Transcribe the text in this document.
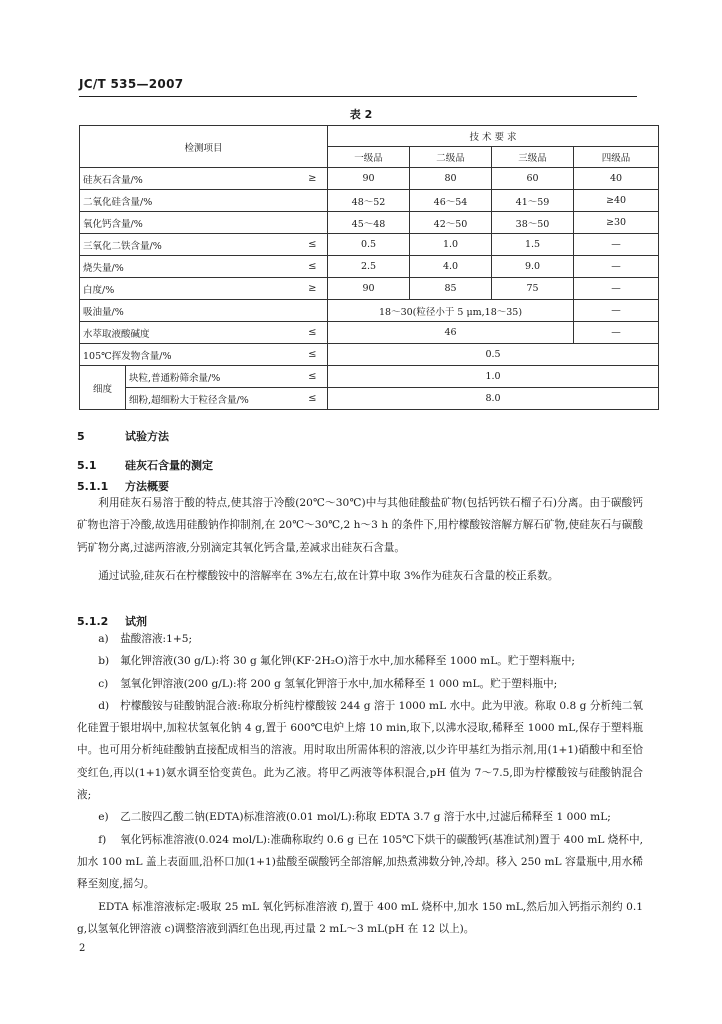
JC/T 535—2007
表 2
检测项目			技 术 要 求			
			一级品	二级品	三级品	四级品
硅灰石含量/%		≥	90	80	60	40
二氧化硅含量/%			48～52	46～54	41～59	≥40
氧化钙含量/%			45～48	42～50	38～50	≥30
三氧化二铁含量/%		≤	0.5	1.0	1.5	—
烧失量/%		≤	2.5	4.0	9.0	—
白度/%		≥	90	85	75	—
吸油量/%			18～30(粒径小于 5 μm,18～35)			—
水萃取液酸碱度		≤	46			—
105℃挥发物含量/%		≤	0.5			
细度	块粒,普通粉筛余量/%	≤	1.0			
	细粉,超细粉大于粒径含量/%	≤	8.0			
5	试验方法
5.1	硅灰石含量的测定
5.1.1 方法概要

利用硅灰石易溶于酸的特点,使其溶于冷酸(20℃～30℃)中与其他硅酸盐矿物(包括钙铁石榴子石)分离。由于碳酸钙矿物也溶于冷酸,故选用硅酸钠作抑制剂,在 20℃～30℃,2 h～3 h 的条件下,用柠檬酸铵溶解方解石矿物,使硅灰石与碳酸钙矿物分离,过滤两溶液,分别滴定其氧化钙含量,差减求出硅灰石含量。

通过试验,硅灰石在柠檬酸铵中的溶解率在 3%左右,故在计算中取 3%作为硅灰石含量的校正系数。

5.1.2 试剂

a) 盐酸溶液:1+5;

b) 氟化钾溶液(30 g/L):将 30 g 氟化钾(KF·2H₂O)溶于水中,加水稀释至 1000 mL。贮于塑料瓶中;

c) 氢氧化钾溶液(200 g/L):将 200 g 氢氧化钾溶于水中,加水稀释至 1 000 mL。贮于塑料瓶中;

d) 柠檬酸铵与硅酸钠混合液:称取分析纯柠檬酸铵 244 g 溶于 1000 mL 水中。此为甲液。称取 0.8 g 分析纯二氧化硅置于银坩埚中,加粒状氢氧化钠 4 g,置于 600℃电炉上熔 10 min,取下,以沸水浸取,稀释至 1000 mL,保存于塑料瓶中。也可用分析纯硅酸钠直接配成相当的溶液。用时取出所需体积的溶液,以少许甲基红为指示剂,用(1+1)硝酸中和至恰变红色,再以(1+1)氨水调至恰变黄色。此为乙液。将甲乙两液等体积混合,pH 值为 7～7.5,即为柠檬酸铵与硅酸钠混合液;

e) 乙二胺四乙酸二钠(EDTA)标准溶液(0.01 mol/L):称取 EDTA 3.7 g 溶于水中,过滤后稀释至 1 000 mL;

f) 氧化钙标准溶液(0.024 mol/L):准确称取约 0.6 g 已在 105℃下烘干的碳酸钙(基准试剂)置于 400 mL 烧杯中,加水 100 mL 盖上表面皿,沿杯口加(1+1)盐酸至碳酸钙全部溶解,加热煮沸数分钟,冷却。移入 250 mL 容量瓶中,用水稀释至刻度,摇匀。

EDTA 标准溶液标定:吸取 25 mL 氧化钙标准溶液 f),置于 400 mL 烧杯中,加水 150 mL,然后加入钙指示剂约 0.1 g,以氢氧化钾溶液 c)调整溶液到酒红色出现,再过量 2 mL～3 mL(pH 在 12 以上)。

2
